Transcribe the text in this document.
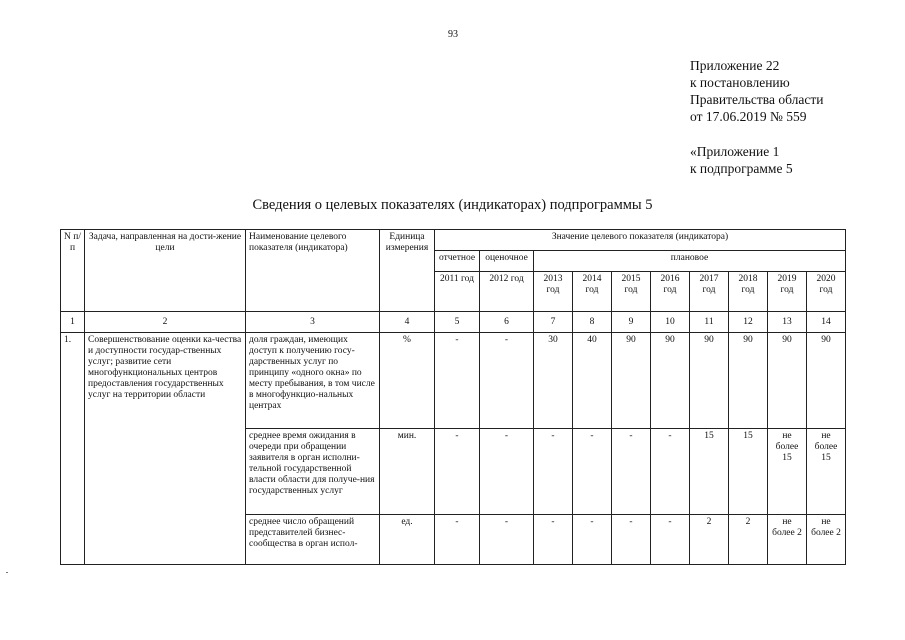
93
Приложение 22
к постановлению
Правительства области
от 17.06.2019 № 559
«Приложение 1
к подпрограмме 5
Сведения о целевых показателях (индикаторах) подпрограммы 5
N п/п	Задача, направленная на дости-жение цели	Наименование целевого показателя (индикатора)	Единица измерения	Значение целевого показателя (индикатора)									
				отчетное	оценочное	плановое							
				2011 год	2012 год	2013 год	2014 год	2015 год	2016 год	2017 год	2018 год	2019 год	2020 год
1	2	3	4	5	6	7	8	9	10	11	12	13	14
1.	Совершенствование оценки ка-чества и доступности государ-ственных услуг; развитие сети многофункциональных центров предоставления государственных услуг на территории области	доля граждан, имеющих доступ к получению госу-дарственных услуг по принципу «одного окна» по месту пребывания, в том числе в многофункцио-нальных центрах	%	-	-	30	40	90	90	90	90	90	90
		среднее время ожидания в очереди при обращении заявителя в орган исполни-тельной государственной власти области для получе-ния государственных услуг	мин.	-	-	-	-	-	-	15	15	не более 15	не более 15
		среднее число обращений представителей бизнес-сообщества в орган испол-	ед.	-	-	-	-	-	-	2	2	не более 2	не более 2
